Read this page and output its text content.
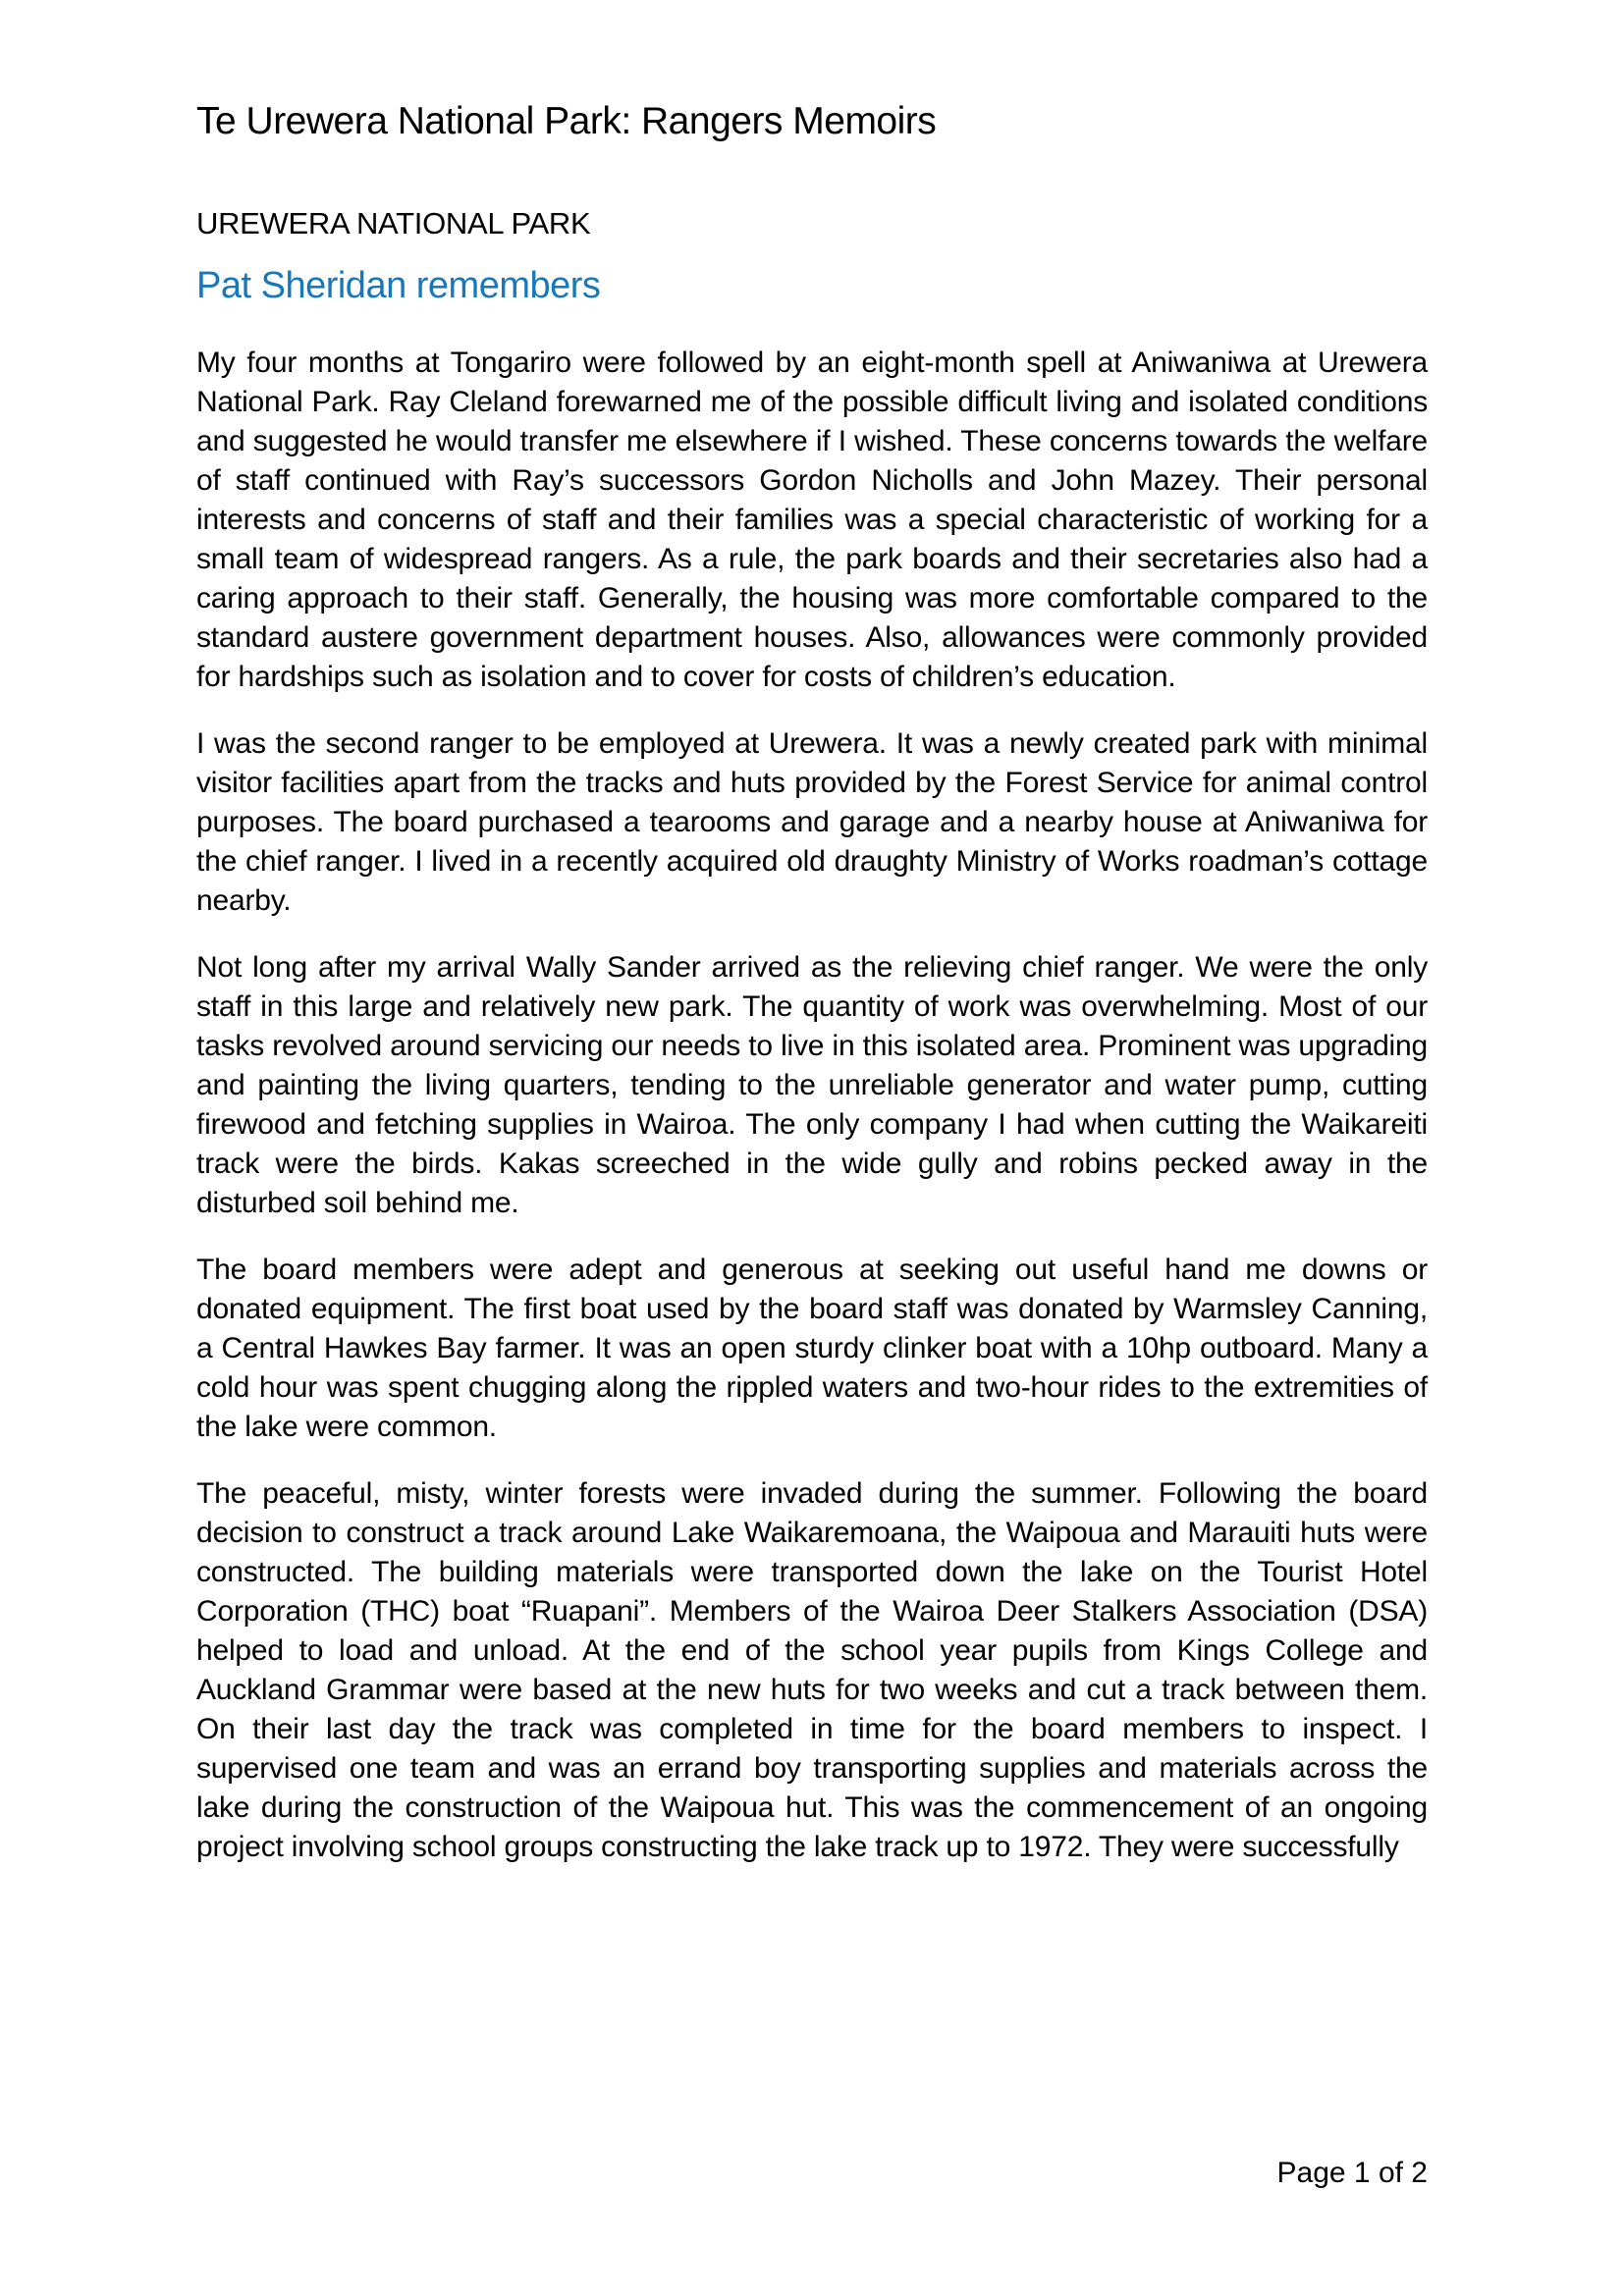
Te Urewera National Park: Rangers Memoirs
UREWERA NATIONAL PARK
Pat Sheridan remembers

My four months at Tongariro were followed by an eight-month spell at Aniwaniwa at Urewera National Park. Ray Cleland forewarned me of the possible difficult living and isolated conditions and suggested he would transfer me elsewhere if I wished. These concerns towards the welfare of staff continued with Ray’s successors Gordon Nicholls and John Mazey. Their personal interests and concerns of staff and their families was a special characteristic of working for a small team of widespread rangers. As a rule, the park boards and their secretaries also had a caring approach to their staff. Generally, the housing was more comfortable compared to the standard austere government department houses. Also, allowances were commonly provided for hardships such as isolation and to cover for costs of children’s education.

I was the second ranger to be employed at Urewera. It was a newly created park with minimal visitor facilities apart from the tracks and huts provided by the Forest Service for animal control purposes. The board purchased a tearooms and garage and a nearby house at Aniwaniwa for the chief ranger. I lived in a recently acquired old draughty Ministry of Works roadman’s cottage nearby.

Not long after my arrival Wally Sander arrived as the relieving chief ranger. We were the only staff in this large and relatively new park. The quantity of work was overwhelming. Most of our tasks revolved around servicing our needs to live in this isolated area. Prominent was upgrading and painting the living quarters, tending to the unreliable generator and water pump, cutting firewood and fetching supplies in Wairoa. The only company I had when cutting the Waikareiti track were the birds. Kakas screeched in the wide gully and robins pecked away in the disturbed soil behind me.

The board members were adept and generous at seeking out useful hand me downs or donated equipment. The first boat used by the board staff was donated by Warmsley Canning, a Central Hawkes Bay farmer. It was an open sturdy clinker boat with a 10hp outboard. Many a cold hour was spent chugging along the rippled waters and two-hour rides to the extremities of the lake were common.

The peaceful, misty, winter forests were invaded during the summer. Following the board decision to construct a track around Lake Waikaremoana, the Waipoua and Marauiti huts were constructed. The building materials were transported down the lake on the Tourist Hotel Corporation (THC) boat “Ruapani”. Members of the Wairoa Deer Stalkers Association (DSA) helped to load and unload. At the end of the school year pupils from Kings College and Auckland Grammar were based at the new huts for two weeks and cut a track between them. On their last day the track was completed in time for the board members to inspect. I supervised one team and was an errand boy transporting supplies and materials across the lake during the construction of the Waipoua hut. This was the commencement of an ongoing project involving school groups constructing the lake track up to 1972. They were successfully

Page 1 of 2
